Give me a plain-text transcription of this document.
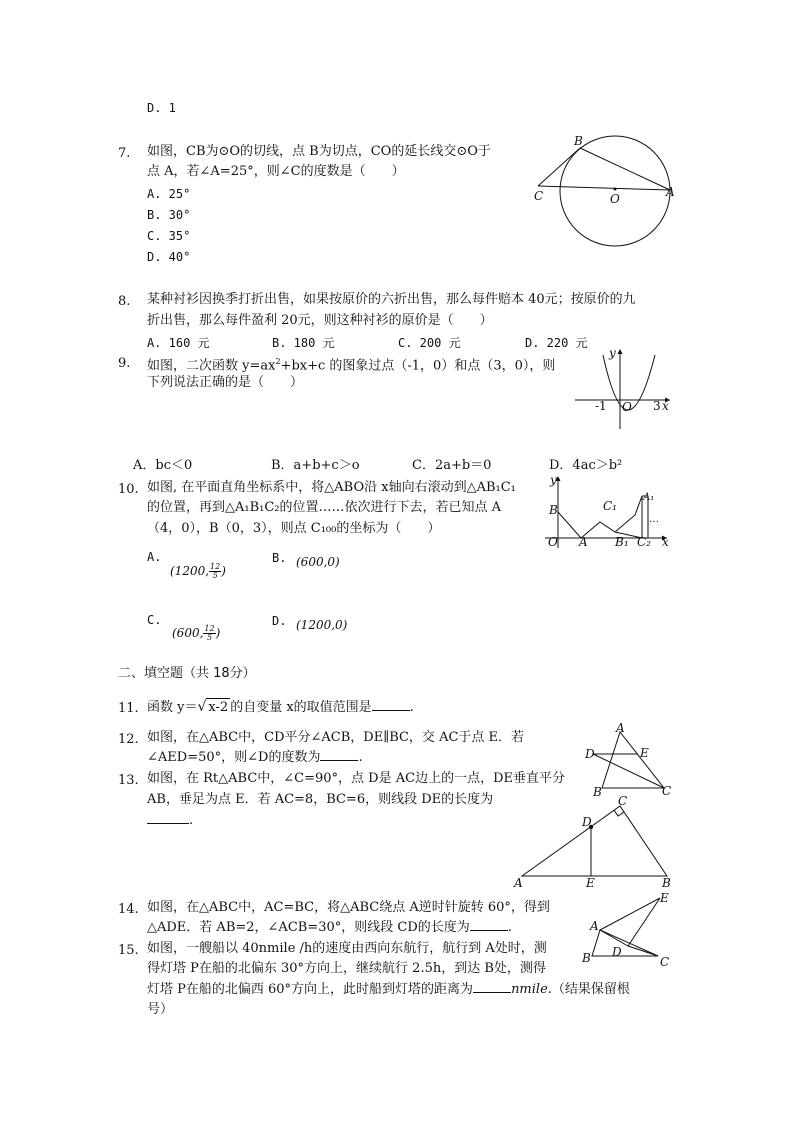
D. 1
7. 如图，CB为⊙O的切线，点 B为切点，CO的延长线交⊙O于
点 A，若∠A=25°，则∠C的度数是（　　）
A. 25°
B. 30°
C. 35°
D. 40°
B
C	O	A
8. 某种衬衫因换季打折出售，如果按原价的六折出售，那么每件赔本 40元；按原价的九
折出售，那么每件盈利 20元，则这种衬衫的原价是（　　）
A. 160 元	B. 180 元	C. 200 元	D. 220 元
9. 如图，二次函数 $y=ax^2+bx+c$ 的图象过点（-1，0）和点（3，0），则
下列说法正确的是（　　）
y
-1 O 3 x
A．bc＜0	B．a+b+c＞o	C．2a+b＝0	D．4ac＞b²
10. 如图, 在平面直角坐标系中，将△ABO沿 x轴向右滚动到△AB₁C₁
的位置，再到△A₁B₁C₂的位置……依次进行下去，若已知点 A
（4，0），B（0，3），则点 C₁₀₀的坐标为（　　）
y
B	C₁
A₁
…
O A B₁ C₂ x
A.
(1200, $\frac{12}{5}$ )
B. (600,0)
C.
(600, $\frac{12}{5}$ )
D. (1200,0)
二、填空题（共 18分）
11. 函数 y＝√ x-2 的自变量 x的取值范围是	.
12. 如图，在△ABC中，CD平分∠ACB，DE∥BC，交 AC于点 E．若
∠AED=50°，则∠D的度数为	.
A
D	E
B	C
13. 如图，在 Rt△ABC中，∠C=90°，点 D是 AC边上的一点，DE垂直平分
AB，垂足为点 E．若 AC=8，BC=6，则线段 DE的长度为
.
C
D
A	E	B
14. 如图，在△ABC中，AC=BC，将△ABC绕点 A逆时针旋转 60°，得到
△ADE．若 AB=2，∠ACB=30°，则线段 CD的长度为	.
E
A
D
B	C
15. 如图，一艘船以 40nmile /h的速度由西向东航行，航行到 A处时，测
得灯塔 P在船的北偏东 30°方向上，继续航行 2.5h，到达 B处，测得
灯塔 P在船的北偏西 60°方向上，此时船到灯塔的距离为	nmile.（结果保留根
号）
